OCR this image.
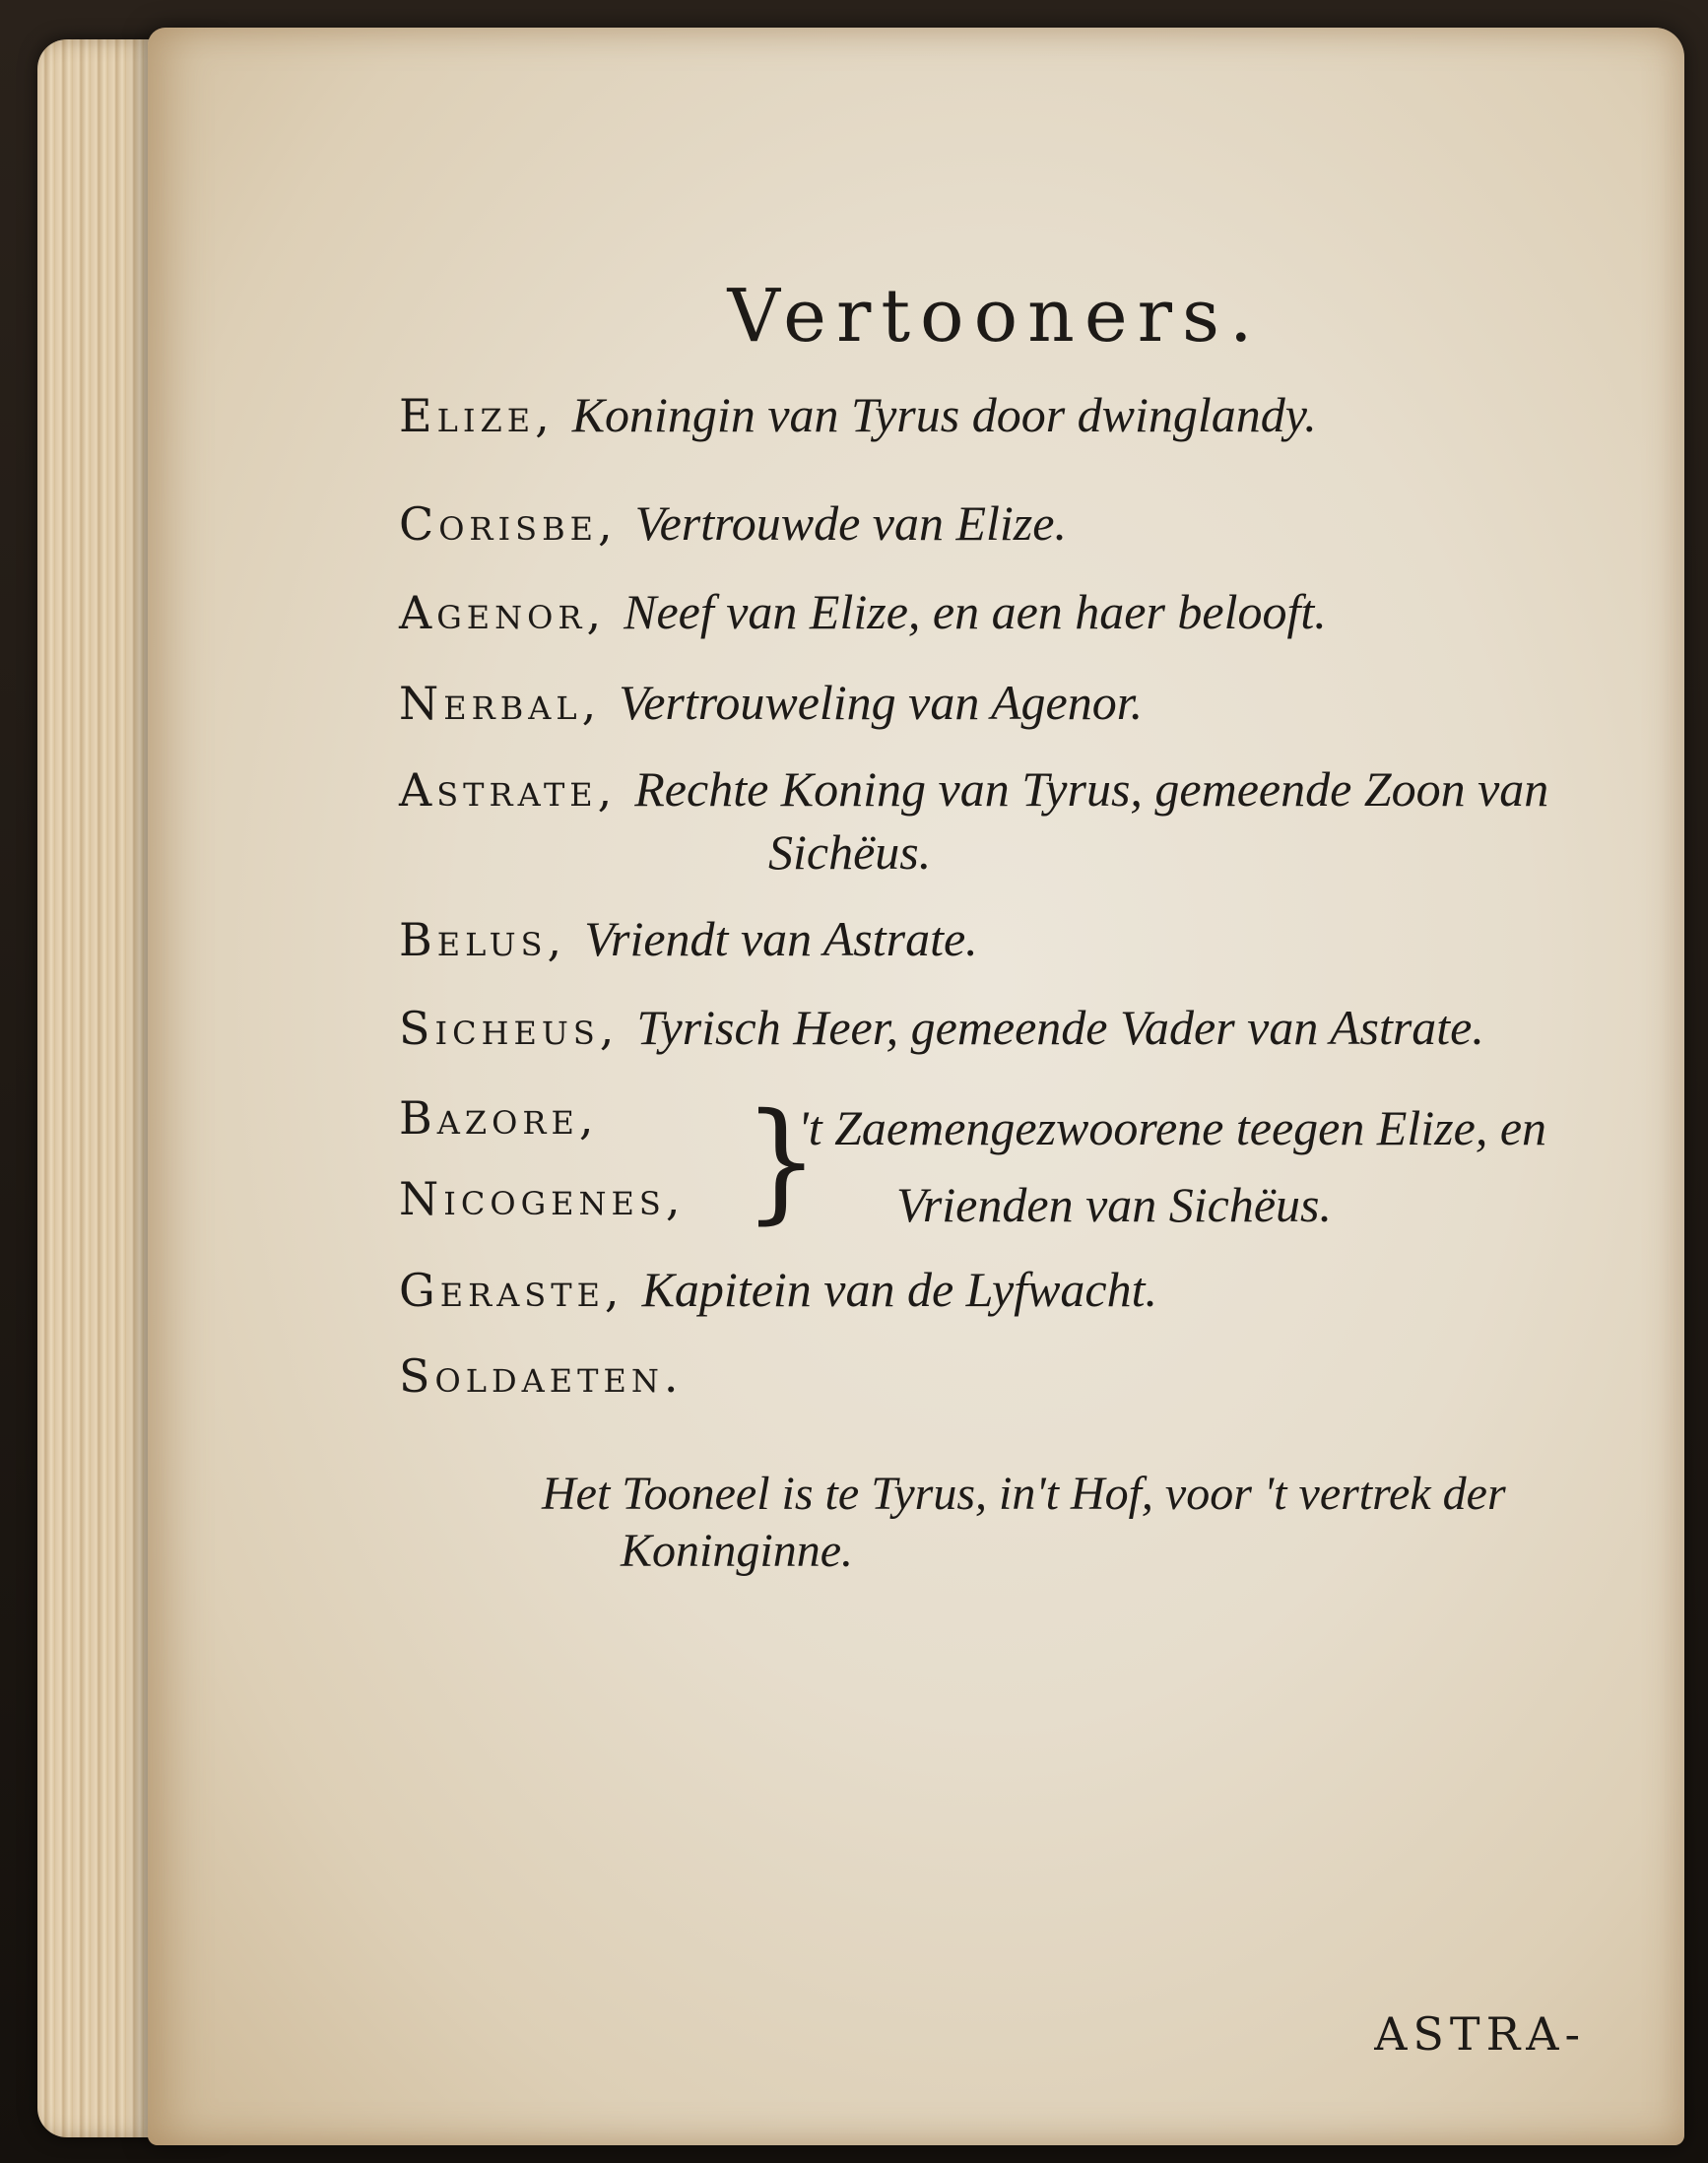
Vertooners.
Elize, Koningin van Tyrus door dwinglandy.
Corisbe, Vertrouwde van Elize.
Agenor, Neef van Elize, en aen haer belooft.
Nerbal, Vertrouweling van Agenor.
Astrate, Rechte Koning van Tyrus, gemeende Zoon van
Sichëus.
Belus, Vriendt van Astrate.
Sicheus, Tyrisch Heer, gemeende Vader van Astrate.
Bazore,
Nicogenes, }
't Zaemengezwoorene teegen Elize, en
Vrienden van Sichëus.
Geraste, Kapitein van de Lyfwacht.
Soldaeten.
Het Tooneel is te Tyrus, in't Hof, voor 't vertrek der
Koninginne.
ASTRA-
